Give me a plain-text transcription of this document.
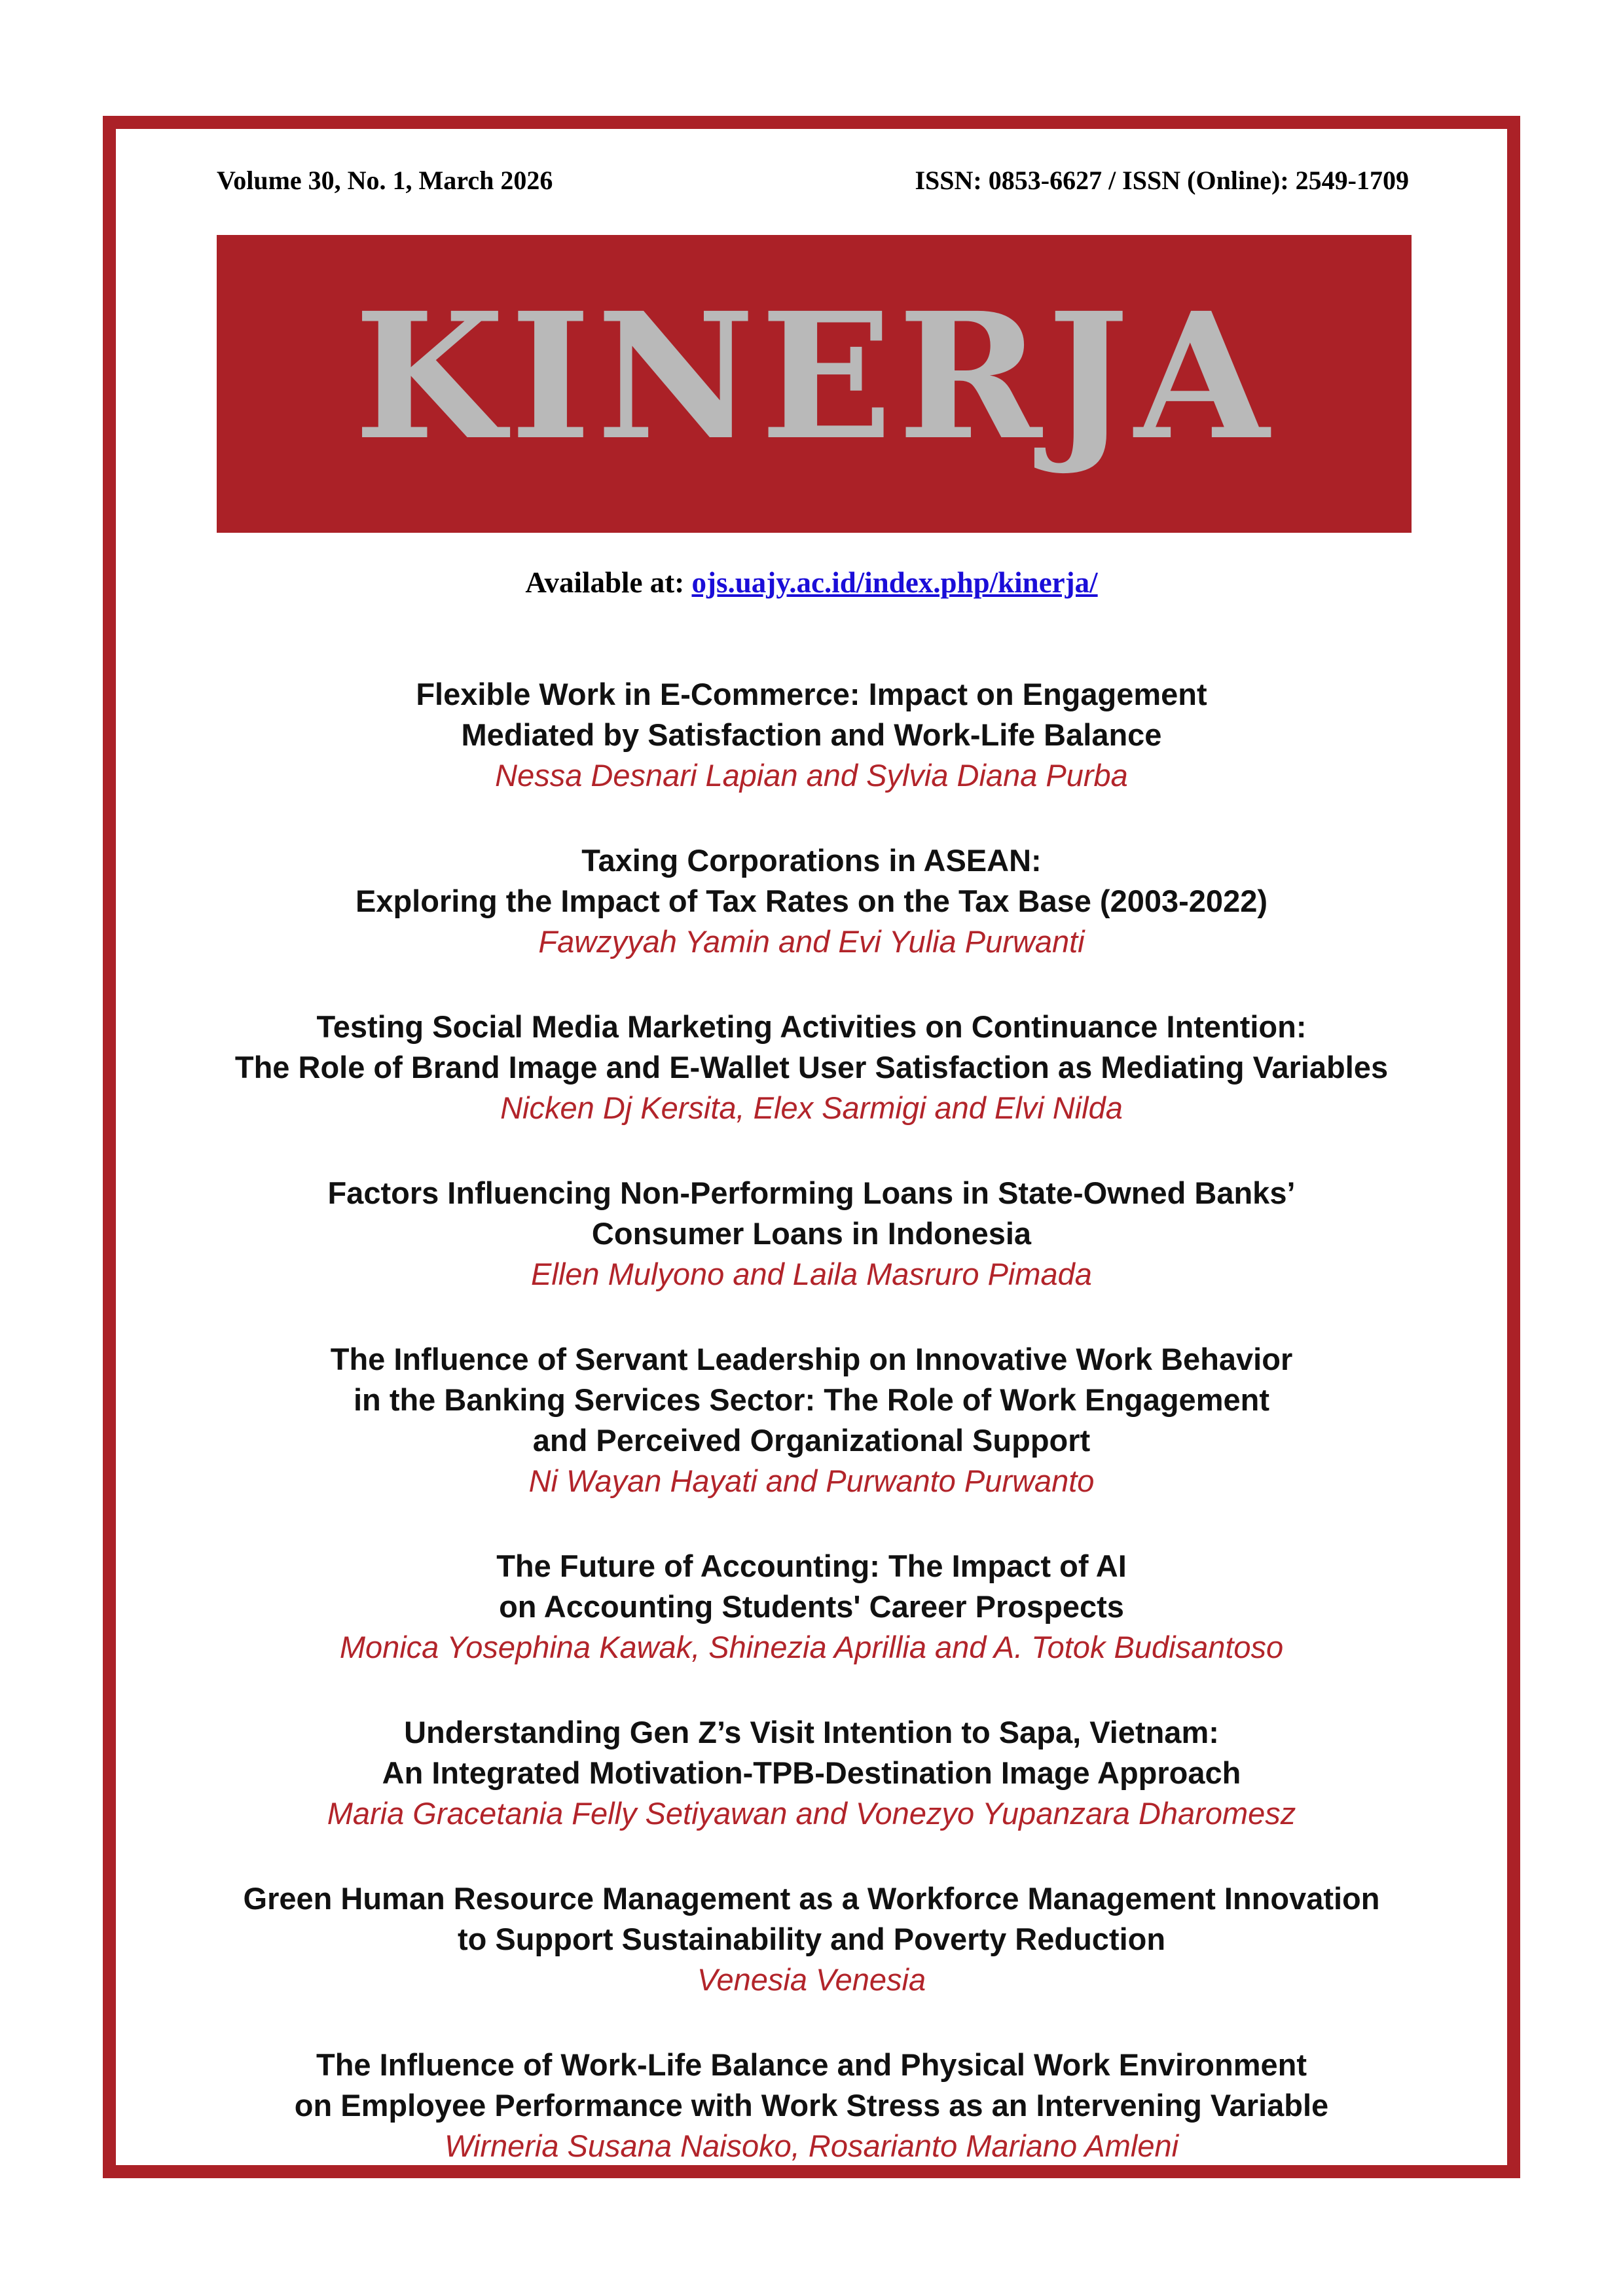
Volume 30, No. 1, March 2026	ISSN: 0853-6627 / ISSN (Online): 2549-1709
KINERJA
Available at: ojs.uajy.ac.id/index.php/kinerja/
Flexible Work in E-Commerce: Impact on Engagement
Mediated by Satisfaction and Work-Life Balance
Nessa Desnari Lapian and Sylvia Diana Purba
Taxing Corporations in ASEAN:
Exploring the Impact of Tax Rates on the Tax Base (2003-2022)
Fawzyyah Yamin and Evi Yulia Purwanti
Testing Social Media Marketing Activities on Continuance Intention:
The Role of Brand Image and E-Wallet User Satisfaction as Mediating Variables
Nicken Dj Kersita, Elex Sarmigi and Elvi Nilda
Factors Influencing Non-Performing Loans in State-Owned Banks’
Consumer Loans in Indonesia
Ellen Mulyono and Laila Masruro Pimada
The Influence of Servant Leadership on Innovative Work Behavior
in the Banking Services Sector: The Role of Work Engagement
and Perceived Organizational Support
Ni Wayan Hayati and Purwanto Purwanto
The Future of Accounting: The Impact of AI
on Accounting Students' Career Prospects
Monica Yosephina Kawak, Shinezia Aprillia and A. Totok Budisantoso
Understanding Gen Z’s Visit Intention to Sapa, Vietnam:
An Integrated Motivation-TPB-Destination Image Approach
Maria Gracetania Felly Setiyawan and Vonezyo Yupanzara Dharomesz
Green Human Resource Management as a Workforce Management Innovation
to Support Sustainability and Poverty Reduction
Venesia Venesia
The Influence of Work-Life Balance and Physical Work Environment
on Employee Performance with Work Stress as an Intervening Variable
Wirneria Susana Naisoko, Rosarianto Mariano Amleni
